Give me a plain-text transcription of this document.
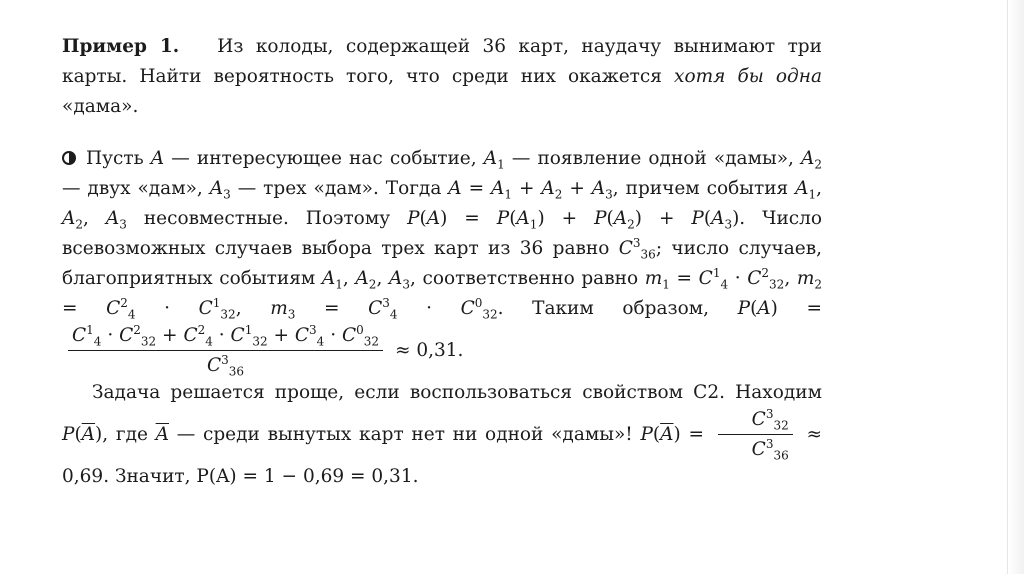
Пример 1. Из колоды, содержащей 36 карт, наудачу вынимают три карты. Найти вероятность того, что среди них окажется хотя бы одна «дама».

Пусть A — интересующее нас событие, $A_1$ — появление одной «дамы», $A_2$ — двух «дам», $A_3$ — трех «дам». Тогда $A = A_1 + A_2 + A_3$, причем события $A_1$, $A_2$, $A_3$ несовместные. Поэтому $P(A) = P(A_1) + P(A_2) + P(A_3)$. Число всевозможных случаев выбора трех карт из 36 равно $C^3_{36}$; число случаев, благоприятных событиям $A_1$, $A_2$, $A_3$, соответственно равно $m_1 = C^1_4 \cdot C^2_{32}$, $m_2 = C^2_4 \cdot C^1_{32}$, $m_3 = C^3_4 \cdot C^0_{32}$. Таким образом, P(A) =
$\frac{C^1_4 \cdot C^2_{32} + C^2_4 \cdot C^1_{32} + C^3_4 \cdot C^0_{32}}{C^3_{36}} \approx 0,31$.

Задача решается проще, если воспользоваться свойством С2. Находим $P(\overline{A})$, где $\overline{A}$ — среди вынутых карт нет ни одной «дамы»! $P(\overline{A}) = \frac{C^3_{32}}{C^3_{36}} \approx 0,69$. Значит, P(A) = 1 − 0,69 = 0,31.
